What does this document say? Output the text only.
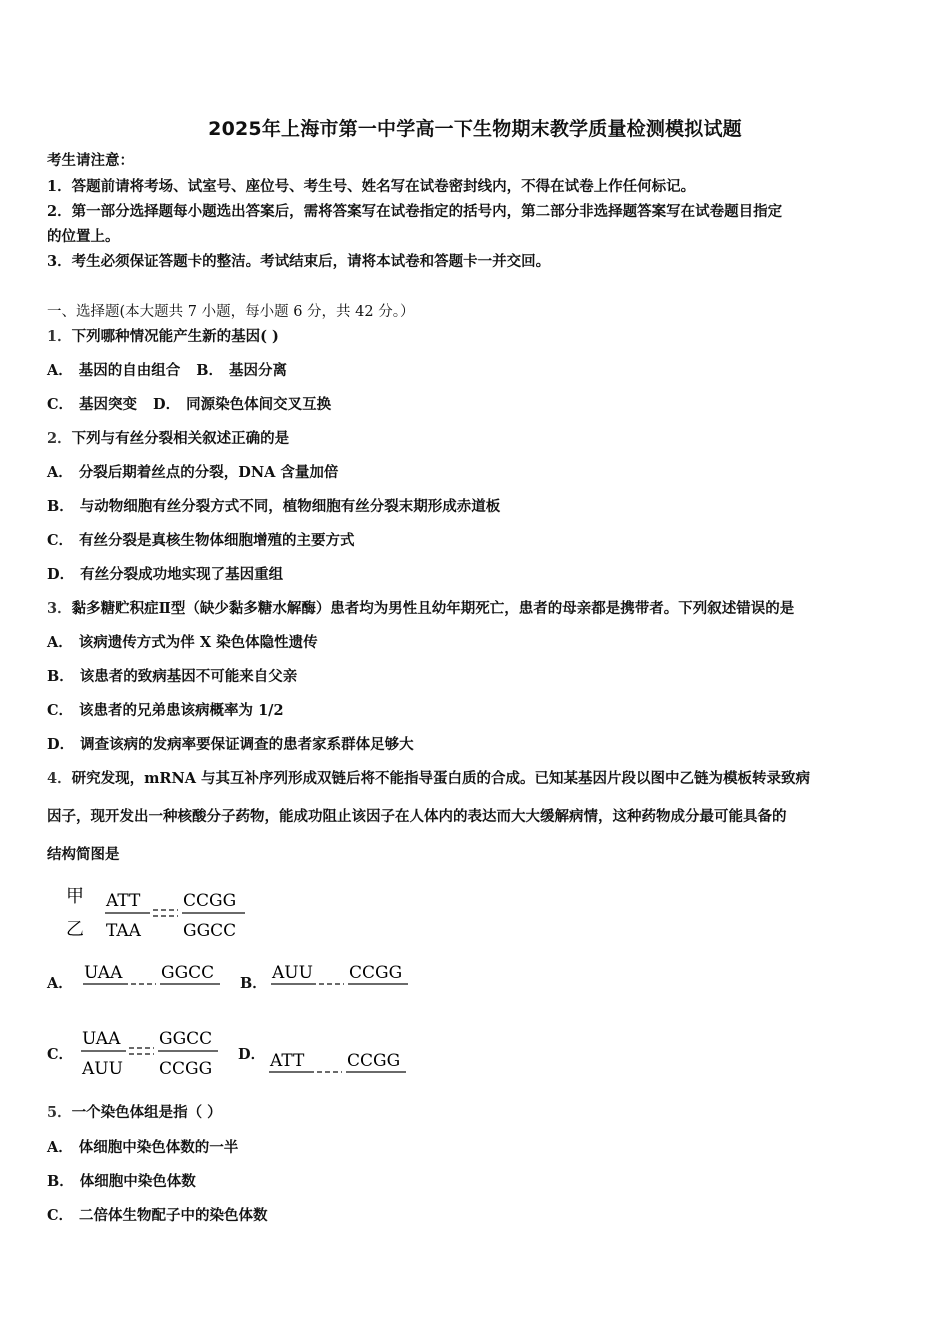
2025年上海市第一中学高一下生物期末教学质量检测模拟试题
考生请注意：
1．答题前请将考场、试室号、座位号、考生号、姓名写在试卷密封线内，不得在试卷上作任何标记。
2．第一部分选择题每小题选出答案后，需将答案写在试卷指定的括号内，第二部分非选择题答案写在试卷题目指定
的位置上。
3．考生必须保证答题卡的整洁。考试结束后，请将本试卷和答题卡一并交回。
一、选择题(本大题共 7 小题，每小题 6 分，共 42 分。）
1．下列哪种情况能产生新的基因( )
A． 基因的自由组合 B． 基因分离
C． 基因突变 D． 同源染色体间交叉互换
2．下列与有丝分裂相关叙述正确的是
A． 分裂后期着丝点的分裂，DNA 含量加倍
B． 与动物细胞有丝分裂方式不同，植物细胞有丝分裂末期形成赤道板
C． 有丝分裂是真核生物体细胞增殖的主要方式
D． 有丝分裂成功地实现了基因重组
3．黏多糖贮积症Ⅱ型（缺少黏多糖水解酶）患者均为男性且幼年期死亡，患者的母亲都是携带者。下列叙述错误的是
A． 该病遗传方式为伴 X 染色体隐性遗传
B． 该患者的致病基因不可能来自父亲
C． 该患者的兄弟患该病概率为 1/2
D． 调查该病的发病率要保证调查的患者家系群体足够大
4．研究发现，mRNA 与其互补序列形成双链后将不能指导蛋白质的合成。已知某基因片段以图中乙链为模板转录致病
因子，现开发出一种核酸分子药物，能成功阻止该因子在人体内的表达而大大缓解病情，这种药物成分最可能具备的
结构简图是
甲
乙
ATT
TAA
CCGG
GGCC
A．
UAA GGCC
B．
AUU CCGG
C．
UAA
AUU
GGCC
CCGG
D． ATT	CCGG
5．一个染色体组是指（ ）
A． 体细胞中染色体数的一半
B． 体细胞中染色体数
C． 二倍体生物配子中的染色体数
